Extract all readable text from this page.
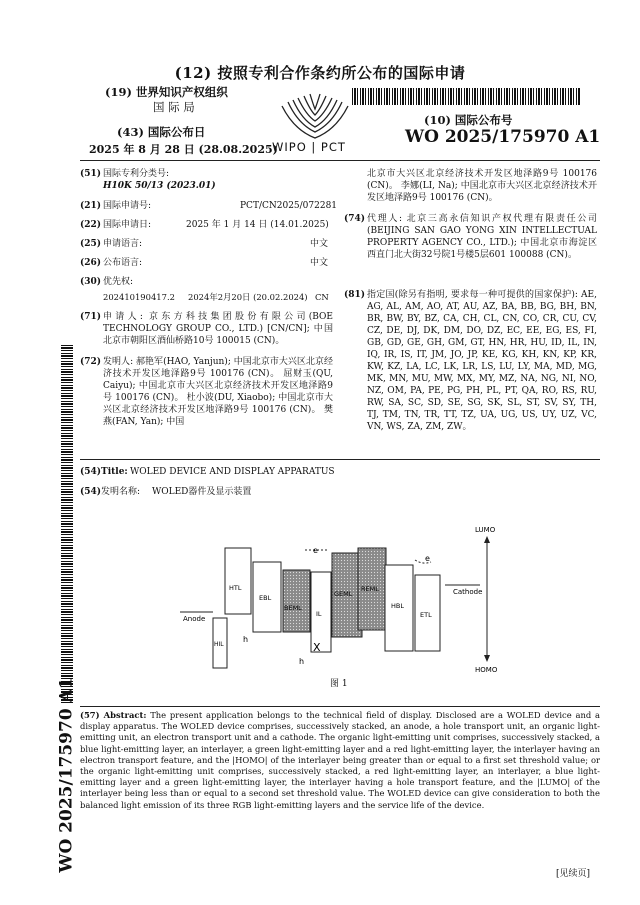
(12) 按照专利合作条约所公布的国际申请
(19) 世界知识产权组织
国 际 局
(43) 国际公布日
2025 年 8 月 28 日 (28.08.2025)
WIPO | PCT
(10) 国际公布号
WO 2025/175970 A1
WO 2025/175970 A1
(51) 国际专利分类号:
H10K 50/13 (2023.01)
(21) 国际申请号:	PCT/CN2025/072281
(22) 国际申请日:	2025 年 1 月 14 日 (14.01.2025)
(25) 申请语言:	中文
(26) 公布语言:	中文
(30) 优先权:
202410190417.2 2024年2月20日 (20.02.2024) CN
(71) 申请人: 京东方科技集团股份有限公司(BOE TECHNOLOGY GROUP CO., LTD.) [CN/CN]; 中国北京市朝阳区酒仙桥路10号 100015 (CN)。
(72) 发明人: 郝艳军(HAO, Yanjun); 中国北京市大兴区北京经济技术开发区地泽路9号 100176 (CN)。 屈财玉(QU, Caiyu); 中国北京市大兴区北京经济技术开发区地泽路9号 100176 (CN)。 杜小波(DU, Xiaobo); 中国北京市大兴区北京经济技术开发区地泽路9号 100176 (CN)。 樊燕(FAN, Yan); 中国
北京市大兴区北京经济技术开发区地泽路9号 100176 (CN)。 李娜(LI, Na); 中国北京市大兴区北京经济技术开发区地泽路9号 100176 (CN)。
(74) 代理人: 北京三高永信知识产权代理有限责任公司 (BEIJING SAN GAO YONG XIN INTELLECTUAL PROPERTY AGENCY CO., LTD.); 中国北京市海淀区西直门北大街32号院1号楼5层601 100088 (CN)。
(81) 指定国(除另有指明, 要求每一种可提供的国家保护): AE, AG, AL, AM, AO, AT, AU, AZ, BA, BB, BG, BH, BN, BR, BW, BY, BZ, CA, CH, CL, CN, CO, CR, CU, CV, CZ, DE, DJ, DK, DM, DO, DZ, EC, EE, EG, ES, FI, GB, GD, GE, GH, GM, GT, HN, HR, HU, ID, IL, IN, IQ, IR, IS, IT, JM, JO, JP, KE, KG, KH, KN, KP, KR, KW, KZ, LA, LC, LK, LR, LS, LU, LY, MA, MD, MG, MK, MN, MU, MW, MX, MY, MZ, NA, NG, NI, NO, NZ, OM, PA, PE, PG, PH, PL, PT, QA, RO, RS, RU, RW, SA, SC, SD, SE, SG, SK, SL, ST, SV, SY, TH, TJ, TM, TN, TR, TT, TZ, UA, UG, US, UY, UZ, VC, VN, WS, ZA, ZM, ZW。
(54) Title: WOLED DEVICE AND DISPLAY APPARATUS
(54) 发明名称: WOLED器件及显示装置
LUMO
HOMO
Anode
Cathode
HIL
HTL
EBL
BEML
IL
GEML
REML
HBL
ETL
e
e
h
h
X
图 1
(57) Abstract: The present application belongs to the technical field of display. Disclosed are a WOLED device and a display apparatus. The WOLED device comprises, successively stacked, an anode, a hole transport unit, an organic light-emitting unit, an electron transport unit and a cathode. The organic light-emitting unit comprises, successively stacked, a blue light-emitting layer, an interlayer, a green light-emitting layer and a red light-emitting layer, the interlayer having an electron transport feature, and the |HOMO| of the interlayer being greater than or equal to a first set threshold value; or the organic light-emitting unit comprises, successively stacked, a red light-emitting layer, an interlayer, a blue light-emitting layer and a green light-emitting layer, the interlayer having a hole transport feature, and the |LUMO| of the interlayer being less than or equal to a second set threshold value. The WOLED device can give consideration to both the balanced light emission of its three RGB light-emitting layers and the service life of the device.
[见续页]
